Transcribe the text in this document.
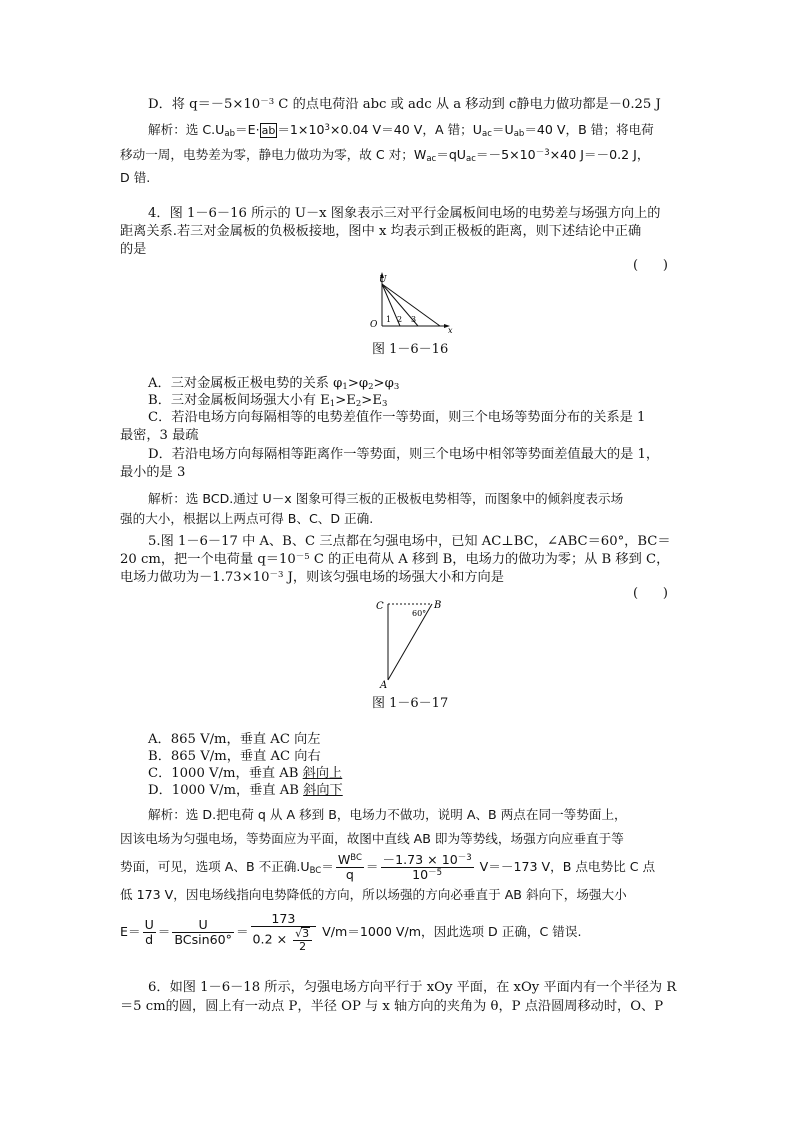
D．将 $q=-5\times 10^{-3}$ C 的点电荷沿 abc 或 adc 从 a 移动到 c静电力做功都是－0.25 J
解析：选 $C.U_{ab}=E\cdot$ ab $=1\times 10^3\times 0.04$ V＝40 V，A 错；$U_{ac}=U_{ab}=40$ V，B 错；将电荷
移动一周，电势差为零，静电力做功为零，故 C 对；$W_{ac}=qU_{ac}=-5\times 10^{-3}\times 40$ J＝－0.2 J，
D 错.
4．图 1－6－16 所示的 U－x 图象表示三对平行金属板间电场的电势差与场强方向上的
距离关系.若三对金属板的负极板接地，图中 x 均表示到正极板的距离，则下述结论中正确
的是
(      )
U
x
O
1 2 3
图 1－6－16
A．三对金属板正极电势的关系 $\varphi_1>\varphi_2>\varphi_3$
B．三对金属板间场强大小有 $E_1>E_2>E_3$
C．若沿电场方向每隔相等的电势差值作一等势面，则三个电场等势面分布的关系是 1
最密，3 最疏
D．若沿电场方向每隔相等距离作一等势面，则三个电场中相邻等势面差值最大的是 1，
最小的是 3
解析：选 BCD.通过 U－x 图象可得三板的正极板电势相等，而图象中的倾斜度表示场
强的大小，根据以上两点可得 B、C、D 正确.
5.图 1－6－17 中 A、B、C 三点都在匀强电场中，已知 AC⊥BC，∠ABC＝60°，BC＝
20 cm，把一个电荷量 $q=10^{-5}$ C 的正电荷从 A 移到 B，电场力的做功为零；从 B 移到 C，
电场力做功为$-1.73\times 10^{-3}$ J，则该匀强电场的场强大小和方向是
(      )
C	B
A
60°
图 1－6－17
A．865 V/m，垂直 AC 向左
B．865 V/m，垂直 AC 向右
C．1000 V/m，垂直 AB 斜向上
D．1000 V/m，垂直 AB 斜向下
解析：选 D.把电荷 q 从 A 移到 B，电场力不做功，说明 A、B 两点在同一等势面上，
因该电场为匀强电场，等势面应为平面，故图中直线 AB 即为等势线，场强方向应垂直于等
势面，可见，选项 A、B 不正确$.U_{BC}= \frac{W^{BC}}{q} = \frac{-1.73 \times 10^{-3}}{10^{-5}} V=-173$ V，B 点电势比 C 点
低 173 V，因电场线指向电势降低的方向，所以场强的方向必垂直于 AB 斜向下，场强大小
$E= \frac{U}{d} = \frac{U}{BCsin60^\circ} = \frac{173}{0.2 \times \frac{√3}{2}} V/m=1000$ V/m，因此选项 D 正确，C 错误.
6．如图 1－6－18 所示，匀强电场方向平行于 xOy 平面，在 xOy 平面内有一个半径为 R
＝5 cm的圆，圆上有一动点 P，半径 OP 与 x 轴方向的夹角为 θ，P 点沿圆周移动时，O、P
